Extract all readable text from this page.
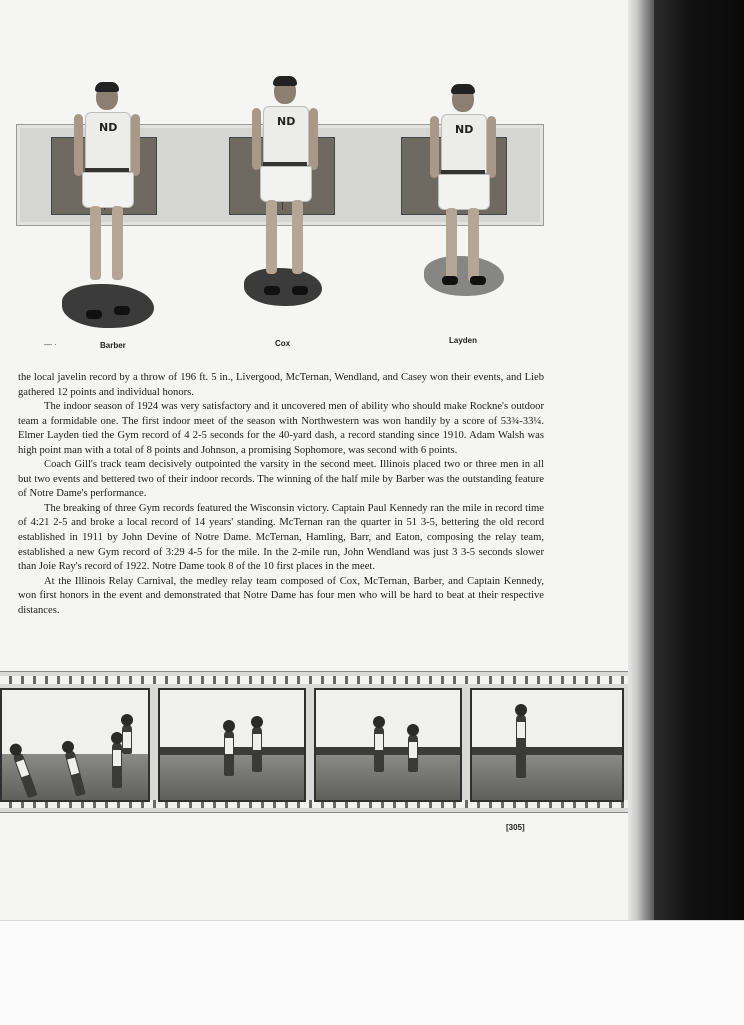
ND	ND
ND
— ·	Barber	Cox	Layden

the local javelin record by a throw of 196 ft. 5 in., Livergood, McTernan, Wendland, and Casey won their events, and Lieb gathered 12 points and individual honors.

The indoor season of 1924 was very satisfactory and it uncovered men of ability who should make Rockne's outdoor team a formidable one. The first indoor meet of the season with Northwestern was won handily by a score of 53¾-33¼. Elmer Layden tied the Gym record of 4 2-5 seconds for the 40-yard dash, a record standing since 1910. Adam Walsh was high point man with a total of 8 points and Johnson, a promising Sophomore, was second with 6 points.

Coach Gill's track team decisively outpointed the varsity in the second meet. Illinois placed two or three men in all but two events and bettered two of their indoor records. The winning of the half mile by Barber was the outstanding feature of Notre Dame's performance.

The breaking of three Gym records featured the Wisconsin victory. Captain Paul Kennedy ran the mile in record time of 4:21 2-5 and broke a local record of 14 years' standing. McTernan ran the quarter in 51 3-5, bettering the old record established in 1911 by John Devine of Notre Dame. McTernan, Hamling, Barr, and Eaton, composing the relay team, established a new Gym record of 3:29 4-5 for the mile. In the 2-mile run, John Wendland was just 3 3-5 seconds slower than Joie Ray's record of 1922. Notre Dame took 8 of the 10 first places in the meet.

At the Illinois Relay Carnival, the medley relay team composed of Cox, McTernan, Barber, and Captain Kennedy, won first honors in the event and demonstrated that Notre Dame has four men who will be hard to beat at their respective distances.

[305]
